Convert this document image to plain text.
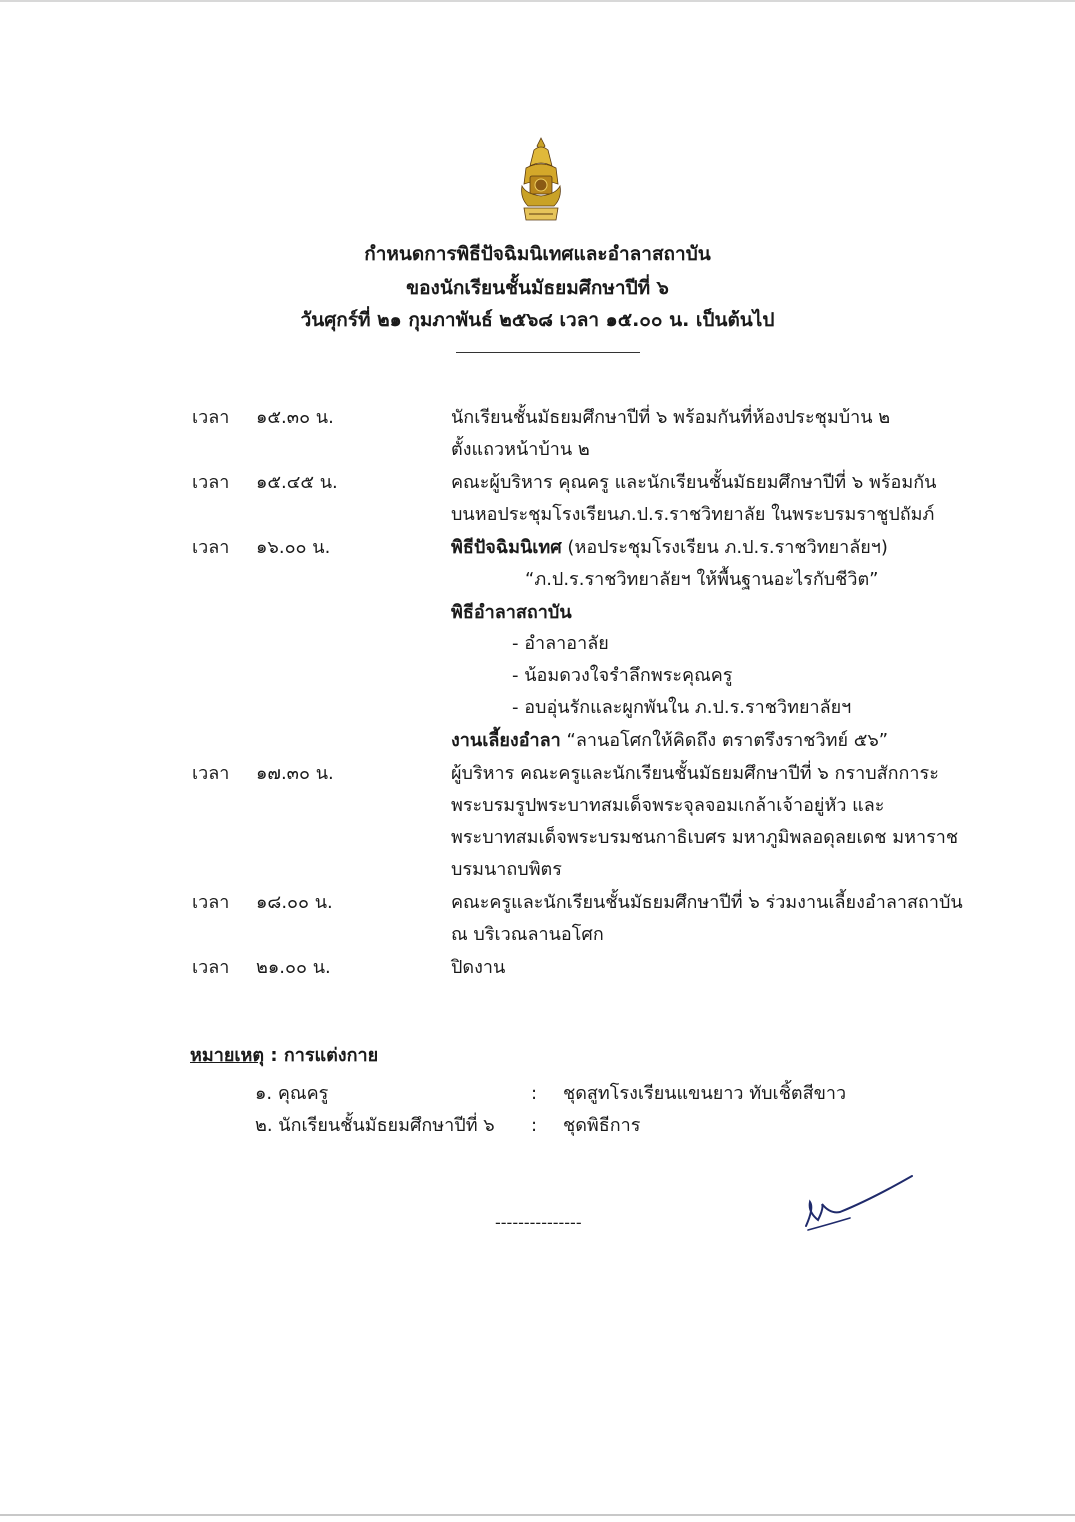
กำหนดการพิธีปัจฉิมนิเทศและอำลาสถาบัน
ของนักเรียนชั้นมัธยมศึกษาปีที่ ๖
วันศุกร์ที่ ๒๑ กุมภาพันธ์ ๒๕๖๘ เวลา ๑๕.๐๐ น. เป็นต้นไป
เวลา ๑๕.๓๐ น.	นักเรียนชั้นมัธยมศึกษาปีที่ ๖ พร้อมกันที่ห้องประชุมบ้าน ๒
ตั้งแถวหน้าบ้าน ๒
เวลา ๑๕.๔๕ น.	คณะผู้บริหาร คุณครู และนักเรียนชั้นมัธยมศึกษาปีที่ ๖ พร้อมกัน
บนหอประชุมโรงเรียนภ.ป.ร.ราชวิทยาลัย ในพระบรมราชูปถัมภ์
เวลา ๑๖.๐๐ น.	พิธีปัจฉิมนิเทศ (หอประชุมโรงเรียน ภ.ป.ร.ราชวิทยาลัยฯ)
“ภ.ป.ร.ราชวิทยาลัยฯ ให้พื้นฐานอะไรกับชีวิต”
พิธีอำลาสถาบัน
- อำลาอาลัย
- น้อมดวงใจรำลึกพระคุณครู
- อบอุ่นรักและผูกพันใน ภ.ป.ร.ราชวิทยาลัยฯ
งานเลี้ยงอำลา “ลานอโศกให้คิดถึง ตราตรึงราชวิทย์ ๕๖”
เวลา ๑๗.๓๐ น.	ผู้บริหาร คณะครูและนักเรียนชั้นมัธยมศึกษาปีที่ ๖ กราบสักการะ
พระบรมรูปพระบาทสมเด็จพระจุลจอมเกล้าเจ้าอยู่หัว และ
พระบาทสมเด็จพระบรมชนกาธิเบศร มหาภูมิพลอดุลยเดช มหาราช
บรมนาถบพิตร
เวลา ๑๘.๐๐ น.	คณะครูและนักเรียนชั้นมัธยมศึกษาปีที่ ๖ ร่วมงานเลี้ยงอำลาสถาบัน
ณ บริเวณลานอโศก
เวลา ๒๑.๐๐ น.	ปิดงาน
หมายเหตุ : การแต่งกาย
๑. คุณครู	: ชุดสูทโรงเรียนแขนยาว ทับเชิ้ตสีขาว
๒. นักเรียนชั้นมัธยมศึกษาปีที่ ๖ : ชุดพิธีการ
---------------
